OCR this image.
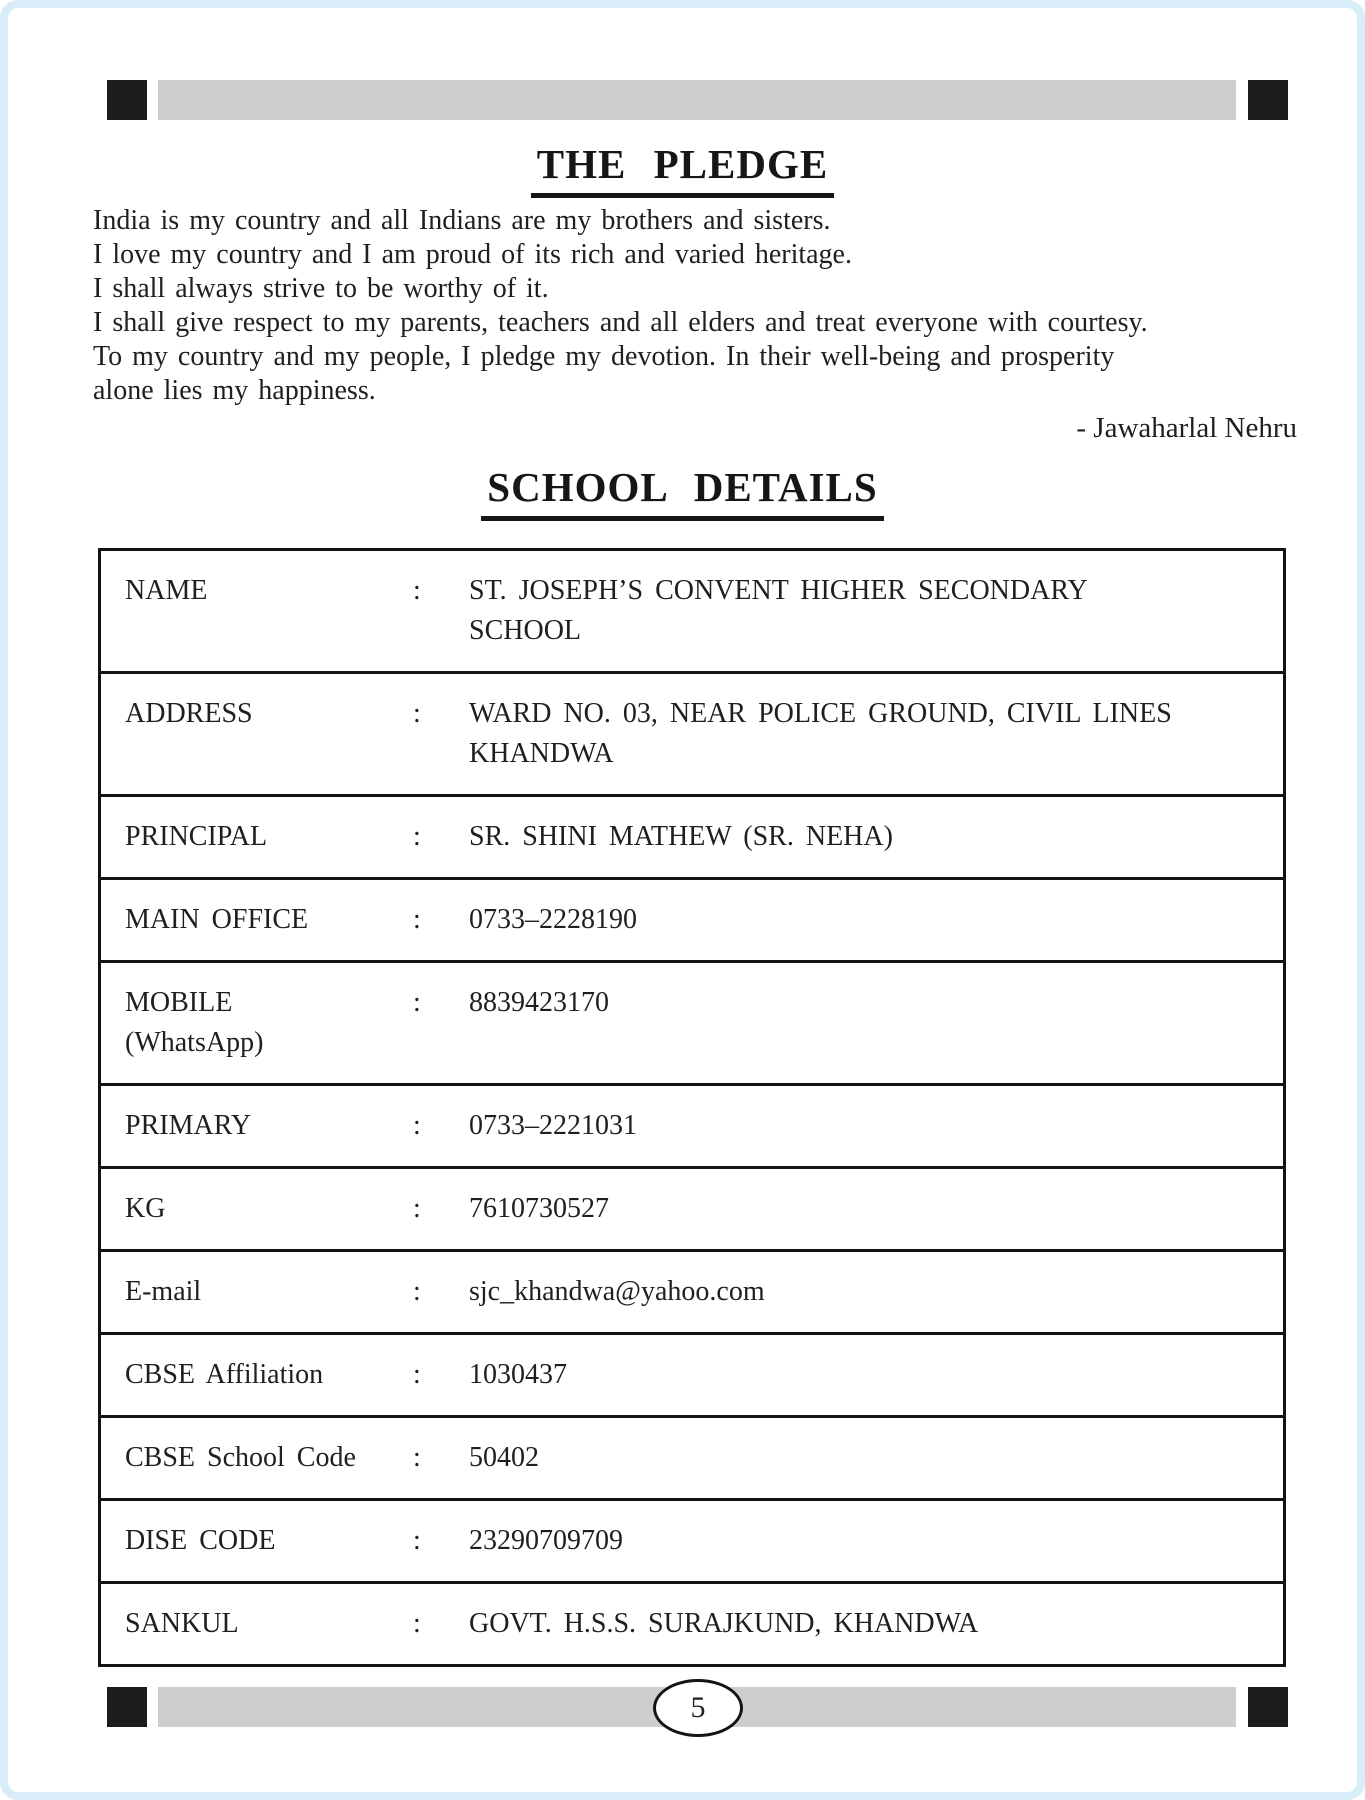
THE PLEDGE
India is my country and all Indians are my brothers and sisters.
I love my country and I am proud of its rich and varied heritage.
I shall always strive to be worthy of it.
I shall give respect to my parents, teachers and all elders and treat everyone with courtesy.
To my country and my people, I pledge my devotion. In their well-being and prosperity
alone lies my happiness.
- Jawaharlal Nehru
SCHOOL DETAILS
NAME	:	ST. JOSEPH’S CONVENT HIGHER SECONDARY
SCHOOL
ADDRESS	:	WARD NO. 03, NEAR POLICE GROUND, CIVIL LINES
KHANDWA
PRINCIPAL	:	SR. SHINI MATHEW (SR. NEHA)
MAIN OFFICE	:	0733–2228190
MOBILE
(WhatsApp)
:	8839423170
PRIMARY	:	0733–2221031
KG	:	7610730527
E-mail	:	sjc_khandwa@yahoo.com
CBSE Affiliation	:	1030437
CBSE School Code	:	50402
DISE CODE	:	23290709709
SANKUL	:	GOVT. H.S.S. SURAJKUND, KHANDWA
5
